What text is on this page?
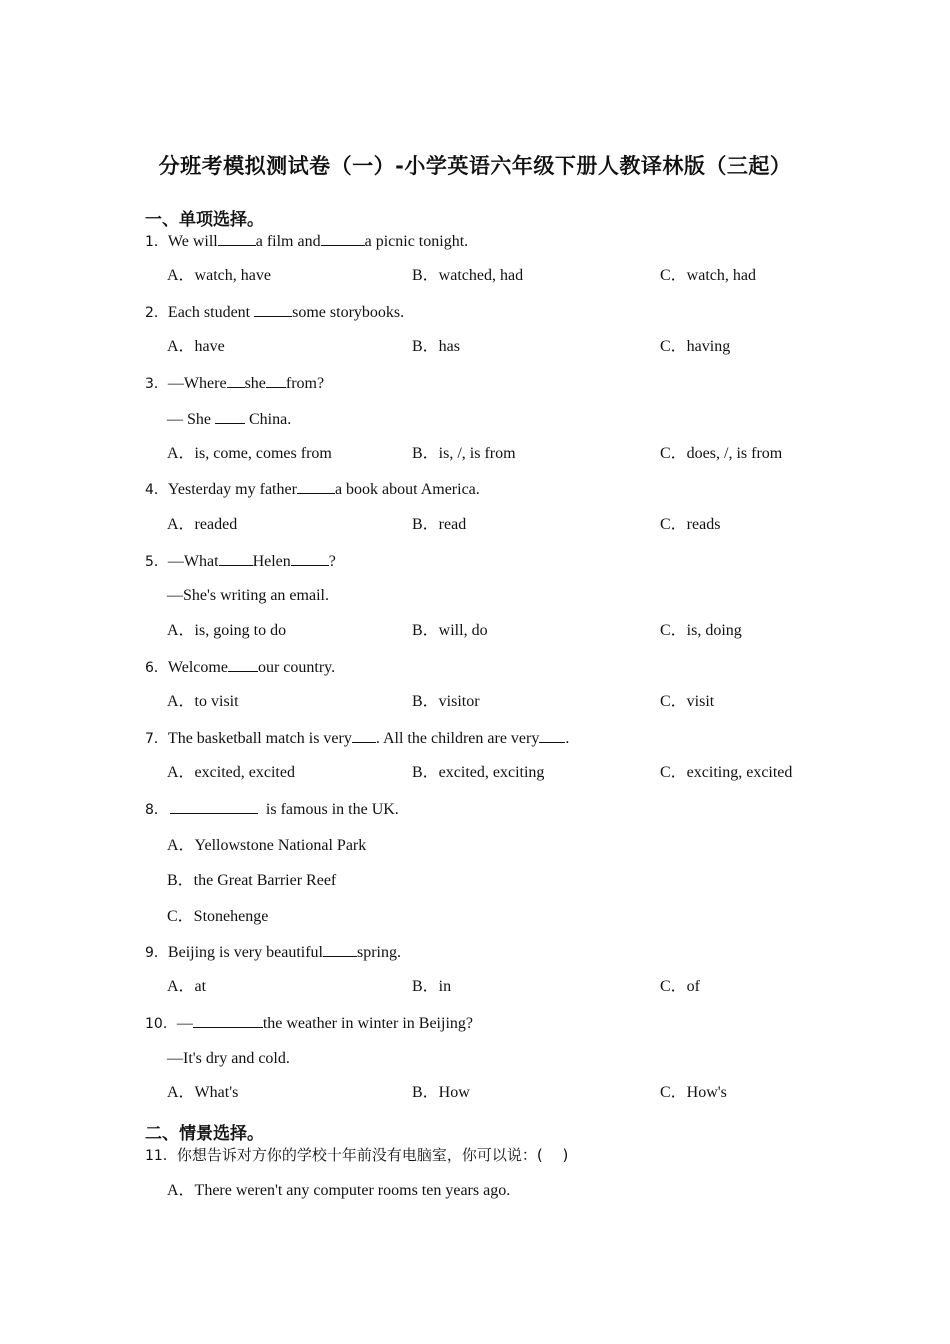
分班考模拟测试卷（一）-小学英语六年级下册人教译林版（三起）
一、单项选择。
1．We will a film and	a picnic tonight.
A．watch, have	B．watched, had	C．watch, had
2．Each student some storybooks.
A．have	B．has	C．having
3．—Where she from?
— She  China.
A．is, come, comes from	B．is, /, is from	C．does, /, is from
4．Yesterday my father a book about America.
A．readed	B．read	C．reads
5．—What Helen ?
—She's writing an email.
A．is, going to do	B．will, do	C．is, doing
6．Welcome our country.
A．to visit	B．visitor	C．visit
7．The basketball match is very . All the children are very .
A．excited, excited	B．excited, exciting	C．exciting, excited
8．	is famous in the UK.
A．Yellowstone National Park
B．the Great Barrier Reef
C．Stonehenge
9．Beijing is very beautiful spring.
A．at	B．in	C．of
10．—	the weather in winter in Beijing?
—It's dry and cold.
A．What's	B．How	C．How's
二、情景选择。
11．你想告诉对方你的学校十年前没有电脑室，你可以说：(　 )
A．There weren't any computer rooms ten years ago.
